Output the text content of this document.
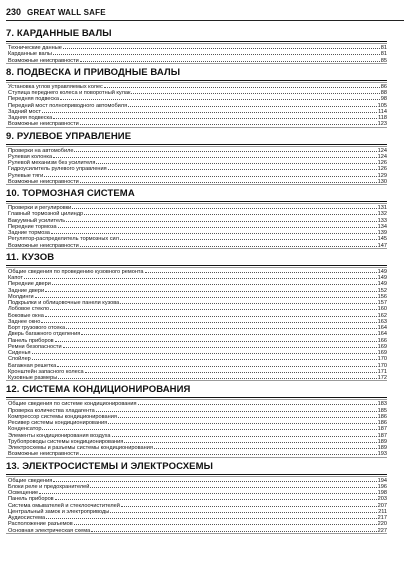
230 GREAT WALL SAFE
7. КАРДАННЫЕ ВАЛЫ
Технические данные	81
Карданные валы	81
Возможные неисправности	85
8. ПОДВЕСКА И ПРИВОДНЫЕ ВАЛЫ
Установка углов управляемых колес	86
Ступица переднего колеса и поворотный кулак	88
Передняя подвеска	98
Передний мост полноприводного автомобиля	105
Задний мост	114
Задняя подвеска	118
Возможные неисправности	123
9. РУЛЕВОЕ УПРАВЛЕНИЕ
Проверки на автомобиле	124
Рулевая колонка	124
Рулевой механизм без усилителя	126
Гидроусилитель рулевого управления	126
Рулевые тяги	129
Возможные неисправности	130
10. ТОРМОЗНАЯ СИСТЕМА
Проверки и регулировки	131
Главный тормозной цилиндр	132
Вакуумный усилитель	133
Передние тормоза	134
Задние тормоза	139
Регулятор-распределитель тормозных сил	145
Возможные неисправности	147
11. КУЗОВ
Общие сведения по проведению кузовного ремонта	149
Капот	149
Передние двери	149
Задние двери	152
Молдинги	156
Подкрылки и облицовочные панели кузова	157
Лобовое стекло	160
Боковые окна	162
Заднее окно	163
Борт грузового отсека	164
Дверь багажного отделения	164
Панель приборов	166
Ремни безопасности	169
Сиденья	169
Спойлер	170
Багажная решетка	170
Кронштейн запасного колеса	171
Кузовные размеры	172
12. СИСТЕМА КОНДИЦИОНИРОВАНИЯ
Общие сведения по системе кондиционирования	183
Проверка количества хладагента	185
Компрессор системы кондиционирования	186
Ресивер системы кондиционирования	186
Конденсатор	187
Элементы кондиционирования воздуха	187
Трубопроводы системы кондиционирования	189
Электросхемы и разъемы системы кондиционирования	189
Возможные неисправности	193
13. ЭЛЕКТРОСИСТЕМЫ И ЭЛЕКТРОСХЕМЫ
Общие сведения	194
Блоки реле и предохранителей	196
Освещение	198
Панель приборов	203
Система омывателей и стеклоочистителей	207
Центральный замок и электроприводы	211
Аудиосистема	217
Расположение разъемов	220
Основная электрическая схема	227
